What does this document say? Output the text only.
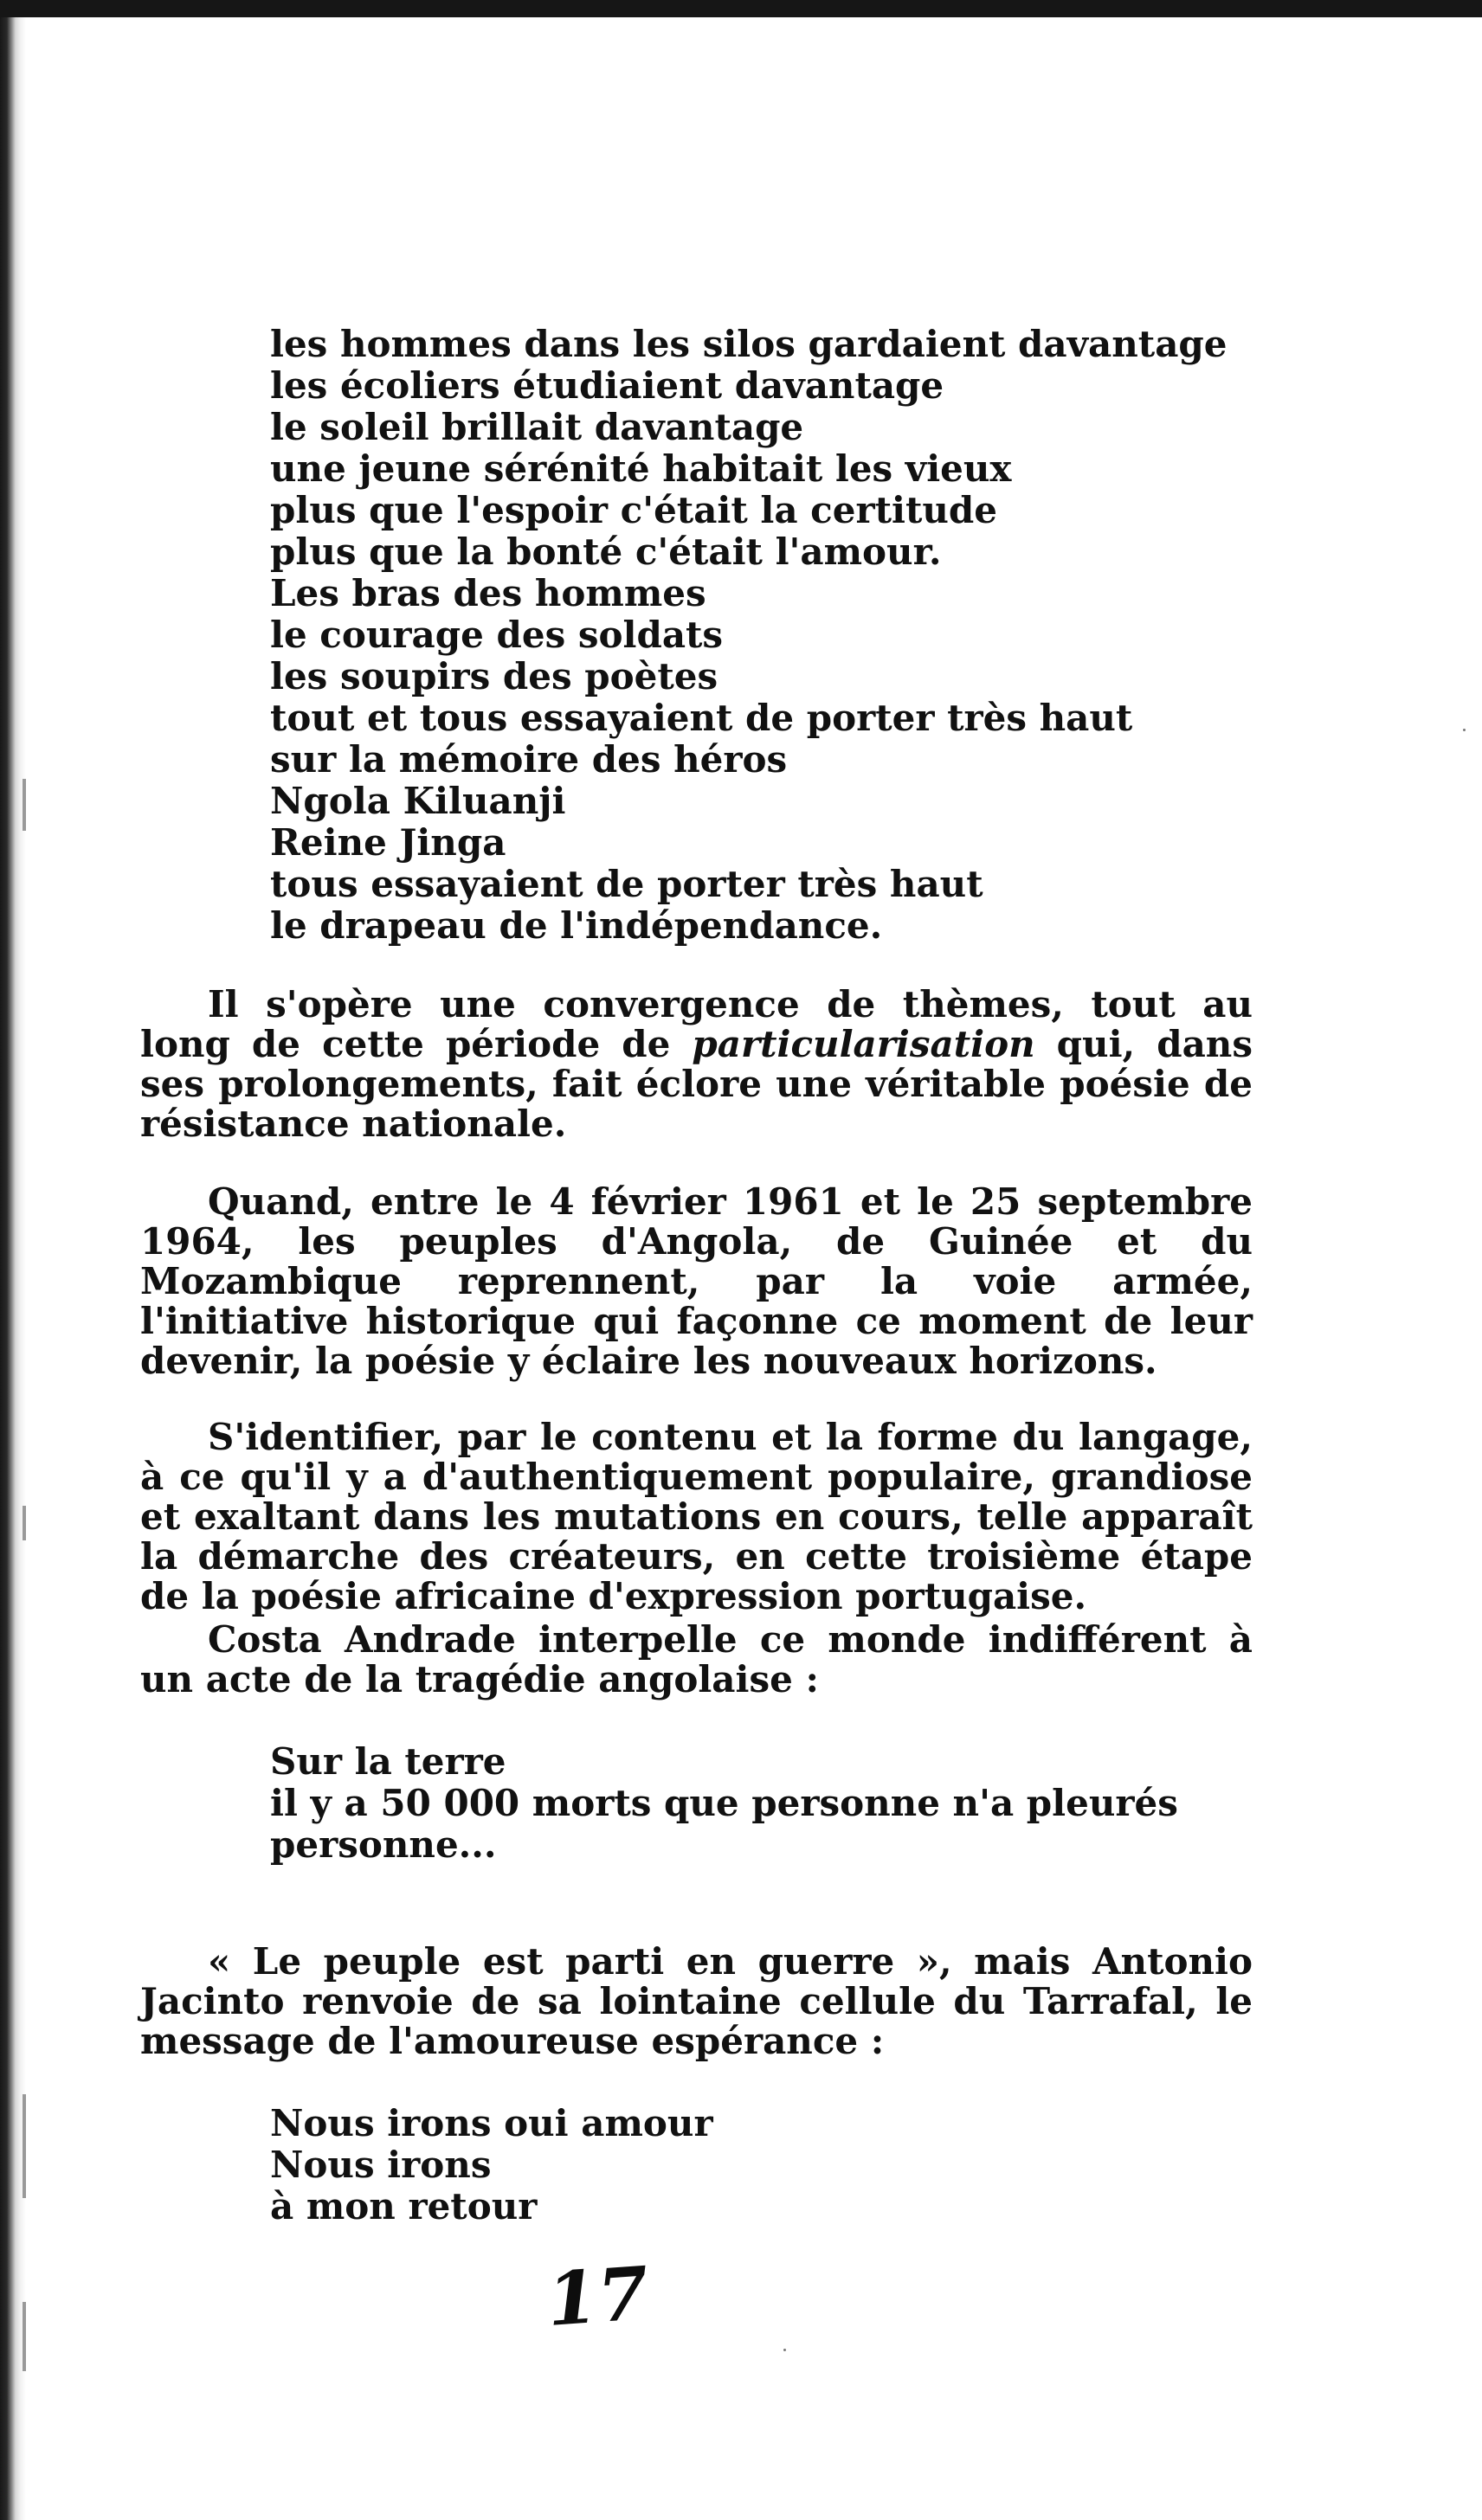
les hommes dans les silos gardaient davantage
les écoliers étudiaient davantage
le soleil brillait davantage
une jeune sérénité habitait les vieux
plus que l'espoir c'était la certitude
plus que la bonté c'était l'amour.
Les bras des hommes
le courage des soldats
les soupirs des poètes
tout et tous essayaient de porter très haut
sur la mémoire des héros
Ngola Kiluanji
Reine Jinga
tous essayaient de porter très haut
le drapeau de l'indépendance.

Il s'opère une convergence de thèmes, tout au long de cette période de particularisation qui, dans ses prolongements, fait éclore une véritable poésie de résistance nationale.

Quand, entre le 4 février 1961 et le 25 septembre 1964, les peuples d'Angola, de Guinée et du Mozambique reprennent, par la voie armée, l'initiative historique qui façonne ce moment de leur devenir, la poésie y éclaire les nouveaux horizons.

S'identifier, par le contenu et la forme du langage, à ce qu'il y a d'authentiquement populaire, grandiose et exaltant dans les mutations en cours, telle apparaît la démarche des créateurs, en cette troisième étape de la poésie africaine d'expression portugaise.

Costa Andrade interpelle ce monde indifférent à un acte de la tragédie angolaise :

Sur la terre
il y a 50 000 morts que personne n'a pleurés
personne...

« Le peuple est parti en guerre », mais Antonio Jacinto renvoie de sa lointaine cellule du Tarrafal, le message de l'amoureuse espérance :

Nous irons oui amour
Nous irons
à mon retour
17
